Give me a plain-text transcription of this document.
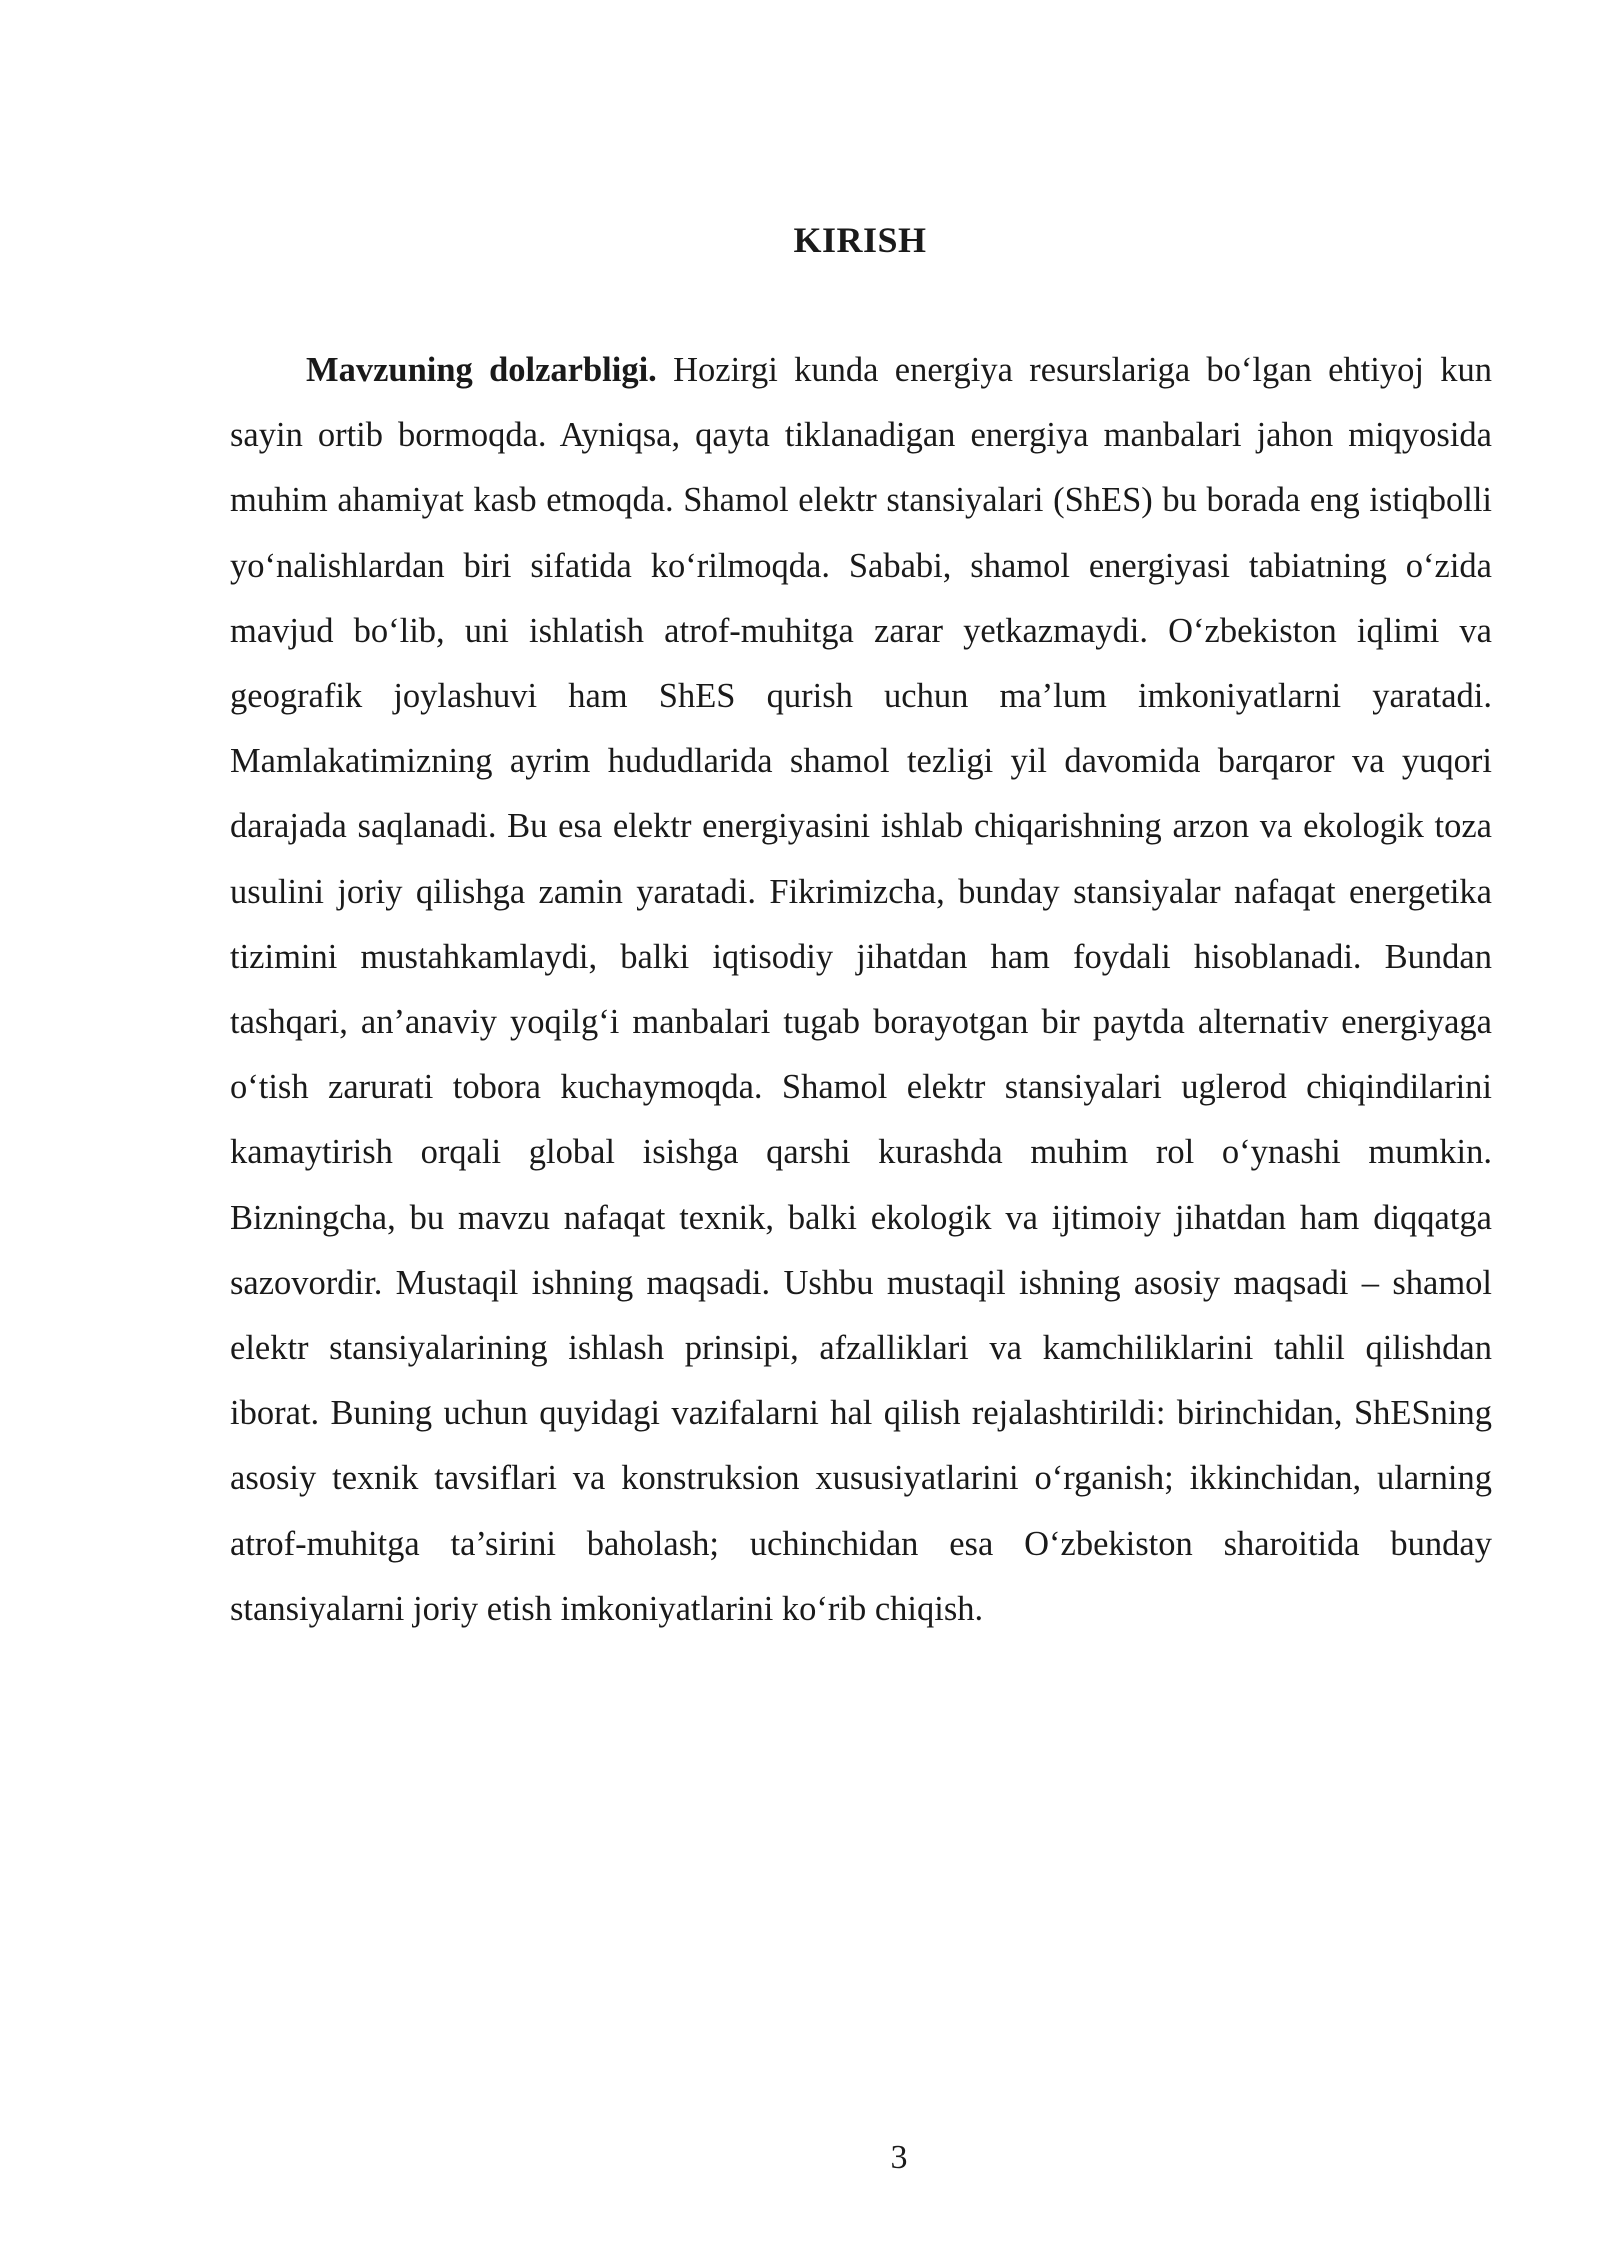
KIRISH

Mavzuning dolzarbligi. Hozirgi kunda energiya resurslariga bo‘lgan ehtiyoj kun sayin ortib bormoqda. Ayniqsa, qayta tiklanadigan energiya manbalari jahon miqyosida muhim ahamiyat kasb etmoqda. Shamol elektr stansiyalari (ShES) bu borada eng istiqbolli yo‘nalishlardan biri sifatida ko‘rilmoqda. Sababi, shamol energiyasi tabiatning o‘zida mavjud bo‘lib, uni ishlatish atrof-muhitga zarar yetkazmaydi. O‘zbekiston iqlimi va geografik joylashuvi ham ShES qurish uchun ma’lum imkoniyatlarni yaratadi. Mamlakatimizning ayrim hududlarida shamol tezligi yil davomida barqaror va yuqori darajada saqlanadi. Bu esa elektr energiyasini ishlab chiqarishning arzon va ekologik toza usulini joriy qilishga zamin yaratadi. Fikrimizcha, bunday stansiyalar nafaqat energetika tizimini mustahkamlaydi, balki iqtisodiy jihatdan ham foydali hisoblanadi. Bundan tashqari, an’anaviy yoqilg‘i manbalari tugab borayotgan bir paytda alternativ energiyaga o‘tish zarurati tobora kuchaymoqda. Shamol elektr stansiyalari uglerod chiqindilarini kamaytirish orqali global isishga qarshi kurashda muhim rol o‘ynashi mumkin. Bizningcha, bu mavzu nafaqat texnik, balki ekologik va ijtimoiy jihatdan ham diqqatga sazovordir. Mustaqil ishning maqsadi. Ushbu mustaqil ishning asosiy maqsadi – shamol elektr stansiyalarining ishlash prinsipi, afzalliklari va kamchiliklarini tahlil qilishdan iborat. Buning uchun quyidagi vazifalarni hal qilish rejalashtirildi: birinchidan, ShESning asosiy texnik tavsiflari va konstruksion xususiyatlarini o‘rganish; ikkinchidan, ularning atrof-muhitga ta’sirini baholash; uchinchidan esa O‘zbekiston sharoitida bunday stansiyalarni joriy etish imkoniyatlarini ko‘rib chiqish.

3
